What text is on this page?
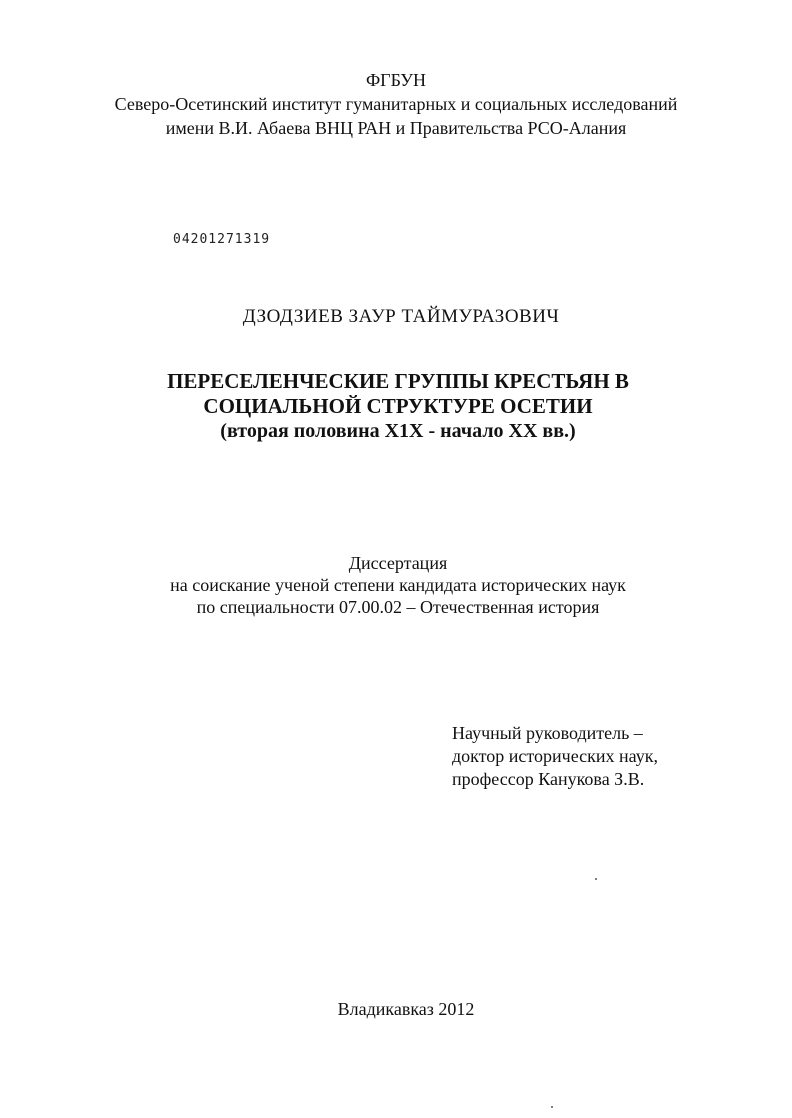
ФГБУН
Северо-Осетинский институт гуманитарных и социальных исследований
имени В.И. Абаева ВНЦ РАН и Правительства РСО-Алания
04201271319
ДЗОДЗИЕВ ЗАУР ТАЙМУРАЗОВИЧ
ПЕРЕСЕЛЕНЧЕСКИЕ ГРУППЫ КРЕСТЬЯН В
СОЦИАЛЬНОЙ СТРУКТУРЕ ОСЕТИИ
(вторая половина Х1Х - начало XX вв.)
Диссертация
на соискание ученой степени кандидата исторических наук
по специальности 07.00.02 – Отечественная история
Научный руководитель –
доктор исторических наук,
профессор Канукова З.В.
Владикавказ 2012
